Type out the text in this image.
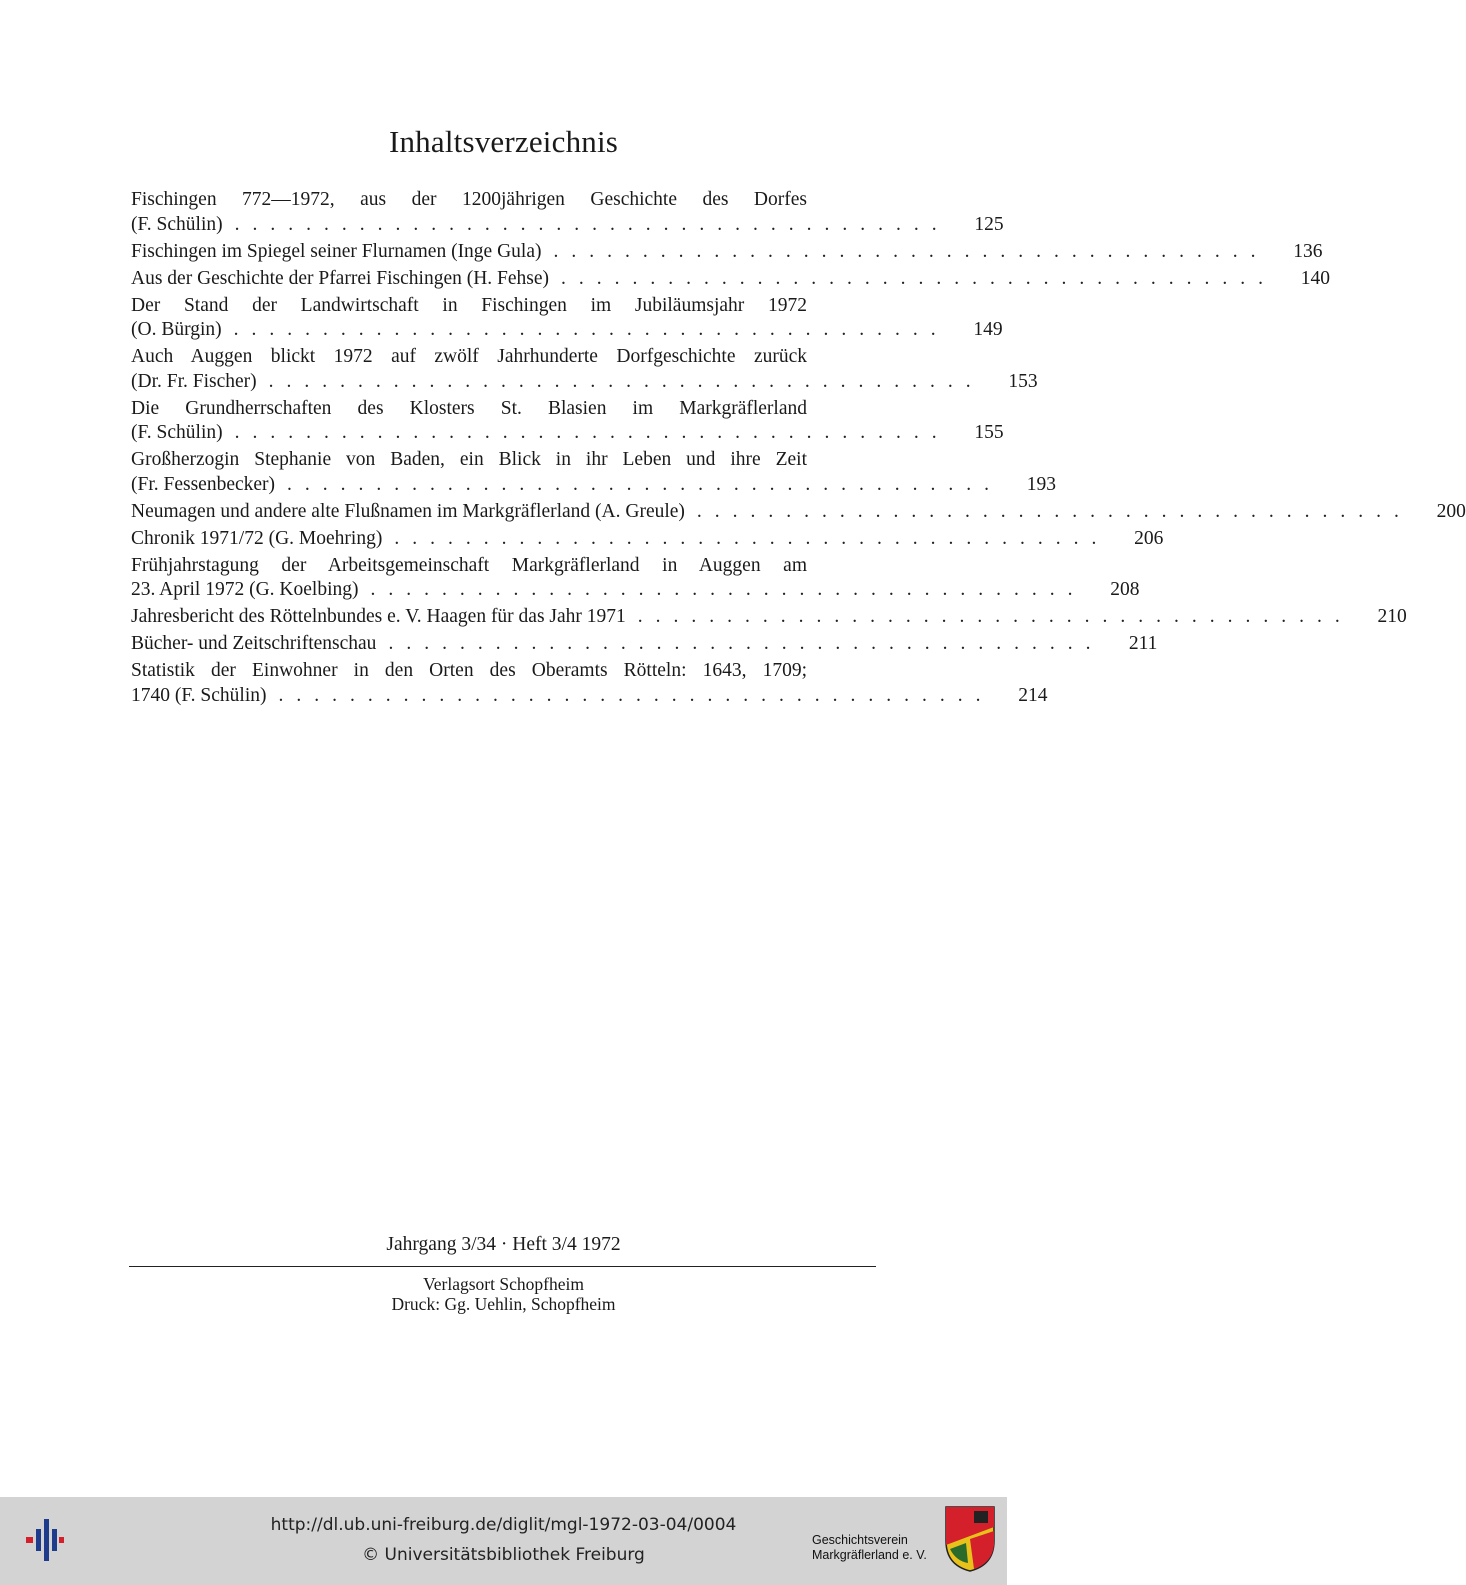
Inhaltsverzeichnis
Fischingen 772—1972, aus der 1200jährigen Geschichte des Dorfes
(F. Schülin) ........................................	125
Fischingen im Spiegel seiner Flurnamen (Inge Gula) ........................................	136
Aus der Geschichte der Pfarrei Fischingen (H. Fehse) ........................................	140
Der Stand der Landwirtschaft in Fischingen im Jubiläumsjahr 1972
(O. Bürgin) ........................................	149
Auch Auggen blickt 1972 auf zwölf Jahrhunderte Dorfgeschichte zurück
(Dr. Fr. Fischer) ........................................	153
Die Grundherrschaften des Klosters St. Blasien im Markgräflerland
(F. Schülin) ........................................	155
Großherzogin Stephanie von Baden, ein Blick in ihr Leben und ihre Zeit
(Fr. Fessenbecker) ........................................	193
Neumagen und andere alte Flußnamen im Markgräflerland (A. Greule) ........................................	200
Chronik 1971/72 (G. Moehring) ........................................	206
Frühjahrstagung der Arbeitsgemeinschaft Markgräflerland in Auggen am
23. April 1972 (G. Koelbing) ........................................	208
Jahresbericht des Röttelnbundes e. V. Haagen für das Jahr 1971 ........................................	210
Bücher- und Zeitschriftenschau ........................................	211
Statistik der Einwohner in den Orten des Oberamts Rötteln: 1643, 1709;
1740 (F. Schülin) ........................................	214
Jahrgang 3/34 · Heft 3/4 1972
Verlagsort Schopfheim
Druck: Gg. Uehlin, Schopfheim
http://dl.ub.uni-freiburg.de/diglit/mgl-1972-03-04/0004
© Universitätsbibliothek Freiburg
Geschichtsverein
Markgräflerland e. V.
